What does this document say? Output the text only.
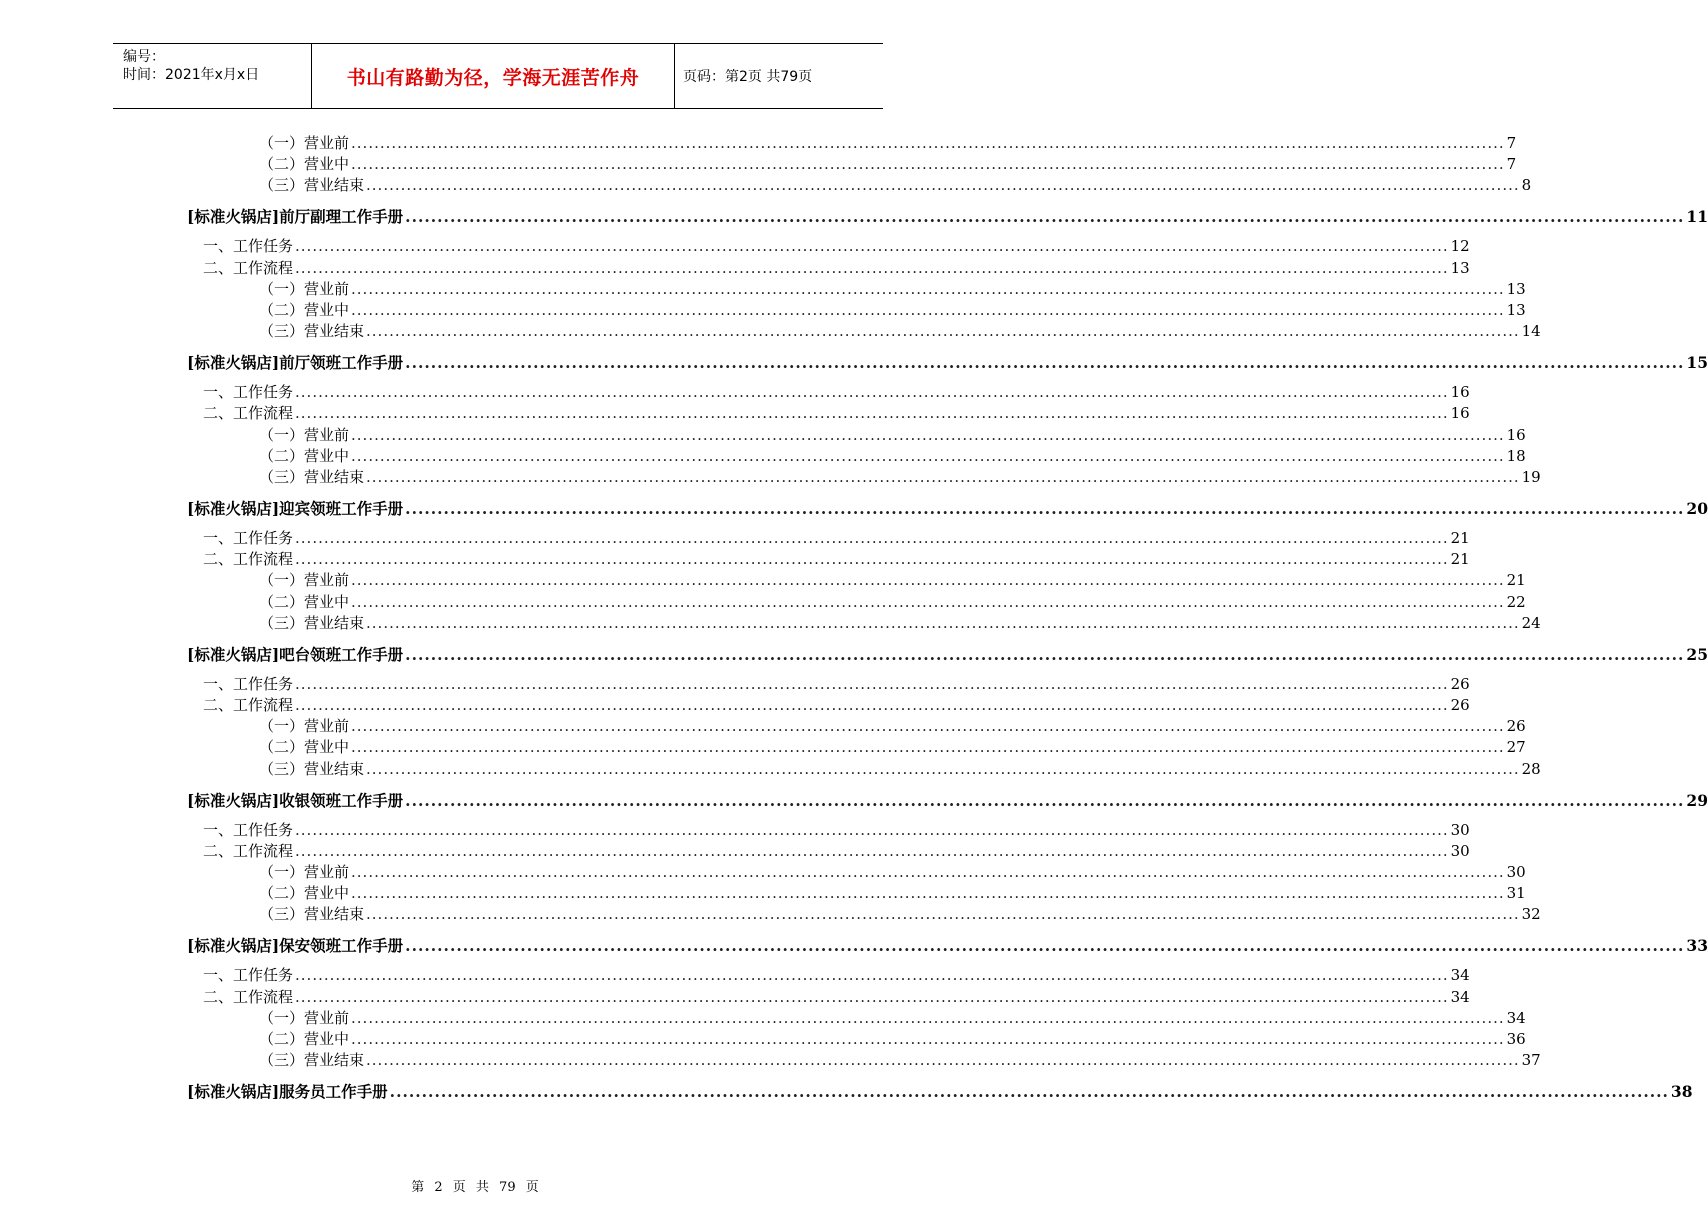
编号：
时间：2021年x月x日	书山有路勤为径，学海无涯苦作舟	页码：第2页 共79页
（一）营业前 ........................................................................................................................................................................................................ 7
（二）营业中 ........................................................................................................................................................................................................ 7
（三）营业结束 ........................................................................................................................................................................................................ 8
[标准火锅店]前厅副理工作手册 ........................................................................................................................................................................................................ 11
一、工作任务 ........................................................................................................................................................................................................ 12
二、工作流程 ........................................................................................................................................................................................................ 13
（一）营业前 ........................................................................................................................................................................................................ 13
（二）营业中 ........................................................................................................................................................................................................ 13
（三）营业结束 ........................................................................................................................................................................................................ 14
[标准火锅店]前厅领班工作手册 ........................................................................................................................................................................................................ 15
一、工作任务 ........................................................................................................................................................................................................ 16
二、工作流程 ........................................................................................................................................................................................................ 16
（一）营业前 ........................................................................................................................................................................................................ 16
（二）营业中 ........................................................................................................................................................................................................ 18
（三）营业结束 ........................................................................................................................................................................................................ 19
[标准火锅店]迎宾领班工作手册 ........................................................................................................................................................................................................ 20
一、工作任务 ........................................................................................................................................................................................................ 21
二、工作流程 ........................................................................................................................................................................................................ 21
（一）营业前 ........................................................................................................................................................................................................ 21
（二）营业中 ........................................................................................................................................................................................................ 22
（三）营业结束 ........................................................................................................................................................................................................ 24
[标准火锅店]吧台领班工作手册 ........................................................................................................................................................................................................ 25
一、工作任务 ........................................................................................................................................................................................................ 26
二、工作流程 ........................................................................................................................................................................................................ 26
（一）营业前 ........................................................................................................................................................................................................ 26
（二）营业中 ........................................................................................................................................................................................................ 27
（三）营业结束 ........................................................................................................................................................................................................ 28
[标准火锅店]收银领班工作手册 ........................................................................................................................................................................................................ 29
一、工作任务 ........................................................................................................................................................................................................ 30
二、工作流程 ........................................................................................................................................................................................................ 30
（一）营业前 ........................................................................................................................................................................................................ 30
（二）营业中 ........................................................................................................................................................................................................ 31
（三）营业结束 ........................................................................................................................................................................................................ 32
[标准火锅店]保安领班工作手册 ........................................................................................................................................................................................................ 33
一、工作任务 ........................................................................................................................................................................................................ 34
二、工作流程 ........................................................................................................................................................................................................ 34
（一）营业前 ........................................................................................................................................................................................................ 34
（二）营业中 ........................................................................................................................................................................................................ 36
（三）营业结束 ........................................................................................................................................................................................................ 37
[标准火锅店]服务员工作手册 ........................................................................................................................................................................................................ 38
第 2 页 共 79 页
